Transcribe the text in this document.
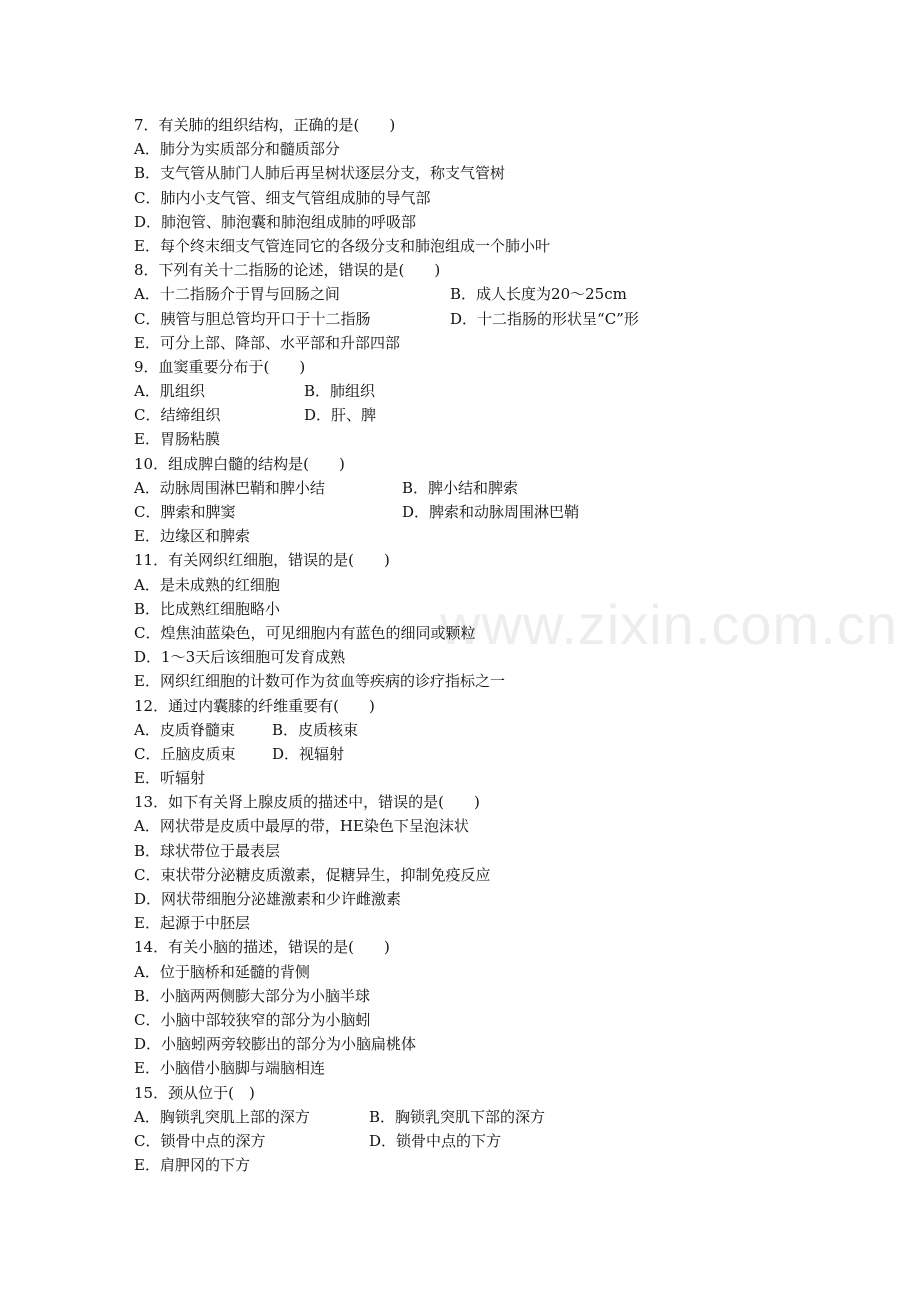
www.zixin.com.cn
7．有关肺的组织结构，正确的是(　　)
A．肺分为实质部分和髓质部分
B．支气管从肺门人肺后再呈树状逐层分支，称支气管树
C．肺内小支气管、细支气管组成肺的导气部
D．肺泡管、肺泡囊和肺泡组成肺的呼吸部
E．每个终末细支气管连同它的各级分支和肺泡组成一个肺小叶
8．下列有关十二指肠的论述，错误的是(　　)
A．十二指肠介于胃与回肠之间	B．成人长度为20～25cm
C．胰管与胆总管均开口于十二指肠	D．十二指肠的形状呈“C”形
E．可分上部、降部、水平部和升部四部
9．血窦重要分布于(　　)
A．肌组织	B．肺组织
C．结缔组织	D．肝、脾
E．胃肠粘膜
10．组成脾白髓的结构是(　　)
A．动脉周围淋巴鞘和脾小结	B．脾小结和脾索
C．脾索和脾窦	D．脾索和动脉周围淋巴鞘
E．边缘区和脾索
11．有关网织红细胞，错误的是(　　)
A．是未成熟的红细胞
B．比成熟红细胞略小
C．煌焦油蓝染色，可见细胞内有蓝色的细同或颗粒
D．1～3天后该细胞可发育成熟
E．网织红细胞的计数可作为贫血等疾病的诊疗指标之一
12．通过内囊膝的纤维重要有(　　)
A．皮质脊髓束 B．皮质核束
C．丘脑皮质束 D．视辐射
E．听辐射
13．如下有关肾上腺皮质的描述中，错误的是(　　)
A．网状带是皮质中最厚的带，HE染色下呈泡沫状
B．球状带位于最表层
C．束状带分泌糖皮质激素，促糖异生，抑制免疫反应
D．网状带细胞分泌雄激素和少许雌激素
E．起源于中胚层
14．有关小脑的描述，错误的是(　　)
A．位于脑桥和延髓的背侧
B．小脑两两侧膨大部分为小脑半球
C．小脑中部较狭窄的部分为小脑蚓
D．小脑蚓两旁较膨出的部分为小脑扁桃体
E．小脑借小脑脚与端脑相连
15．颈从位于(　)
A．胸锁乳突肌上部的深方	B．胸锁乳突肌下部的深方
C．锁骨中点的深方	D．锁骨中点的下方
E．肩胛冈的下方
